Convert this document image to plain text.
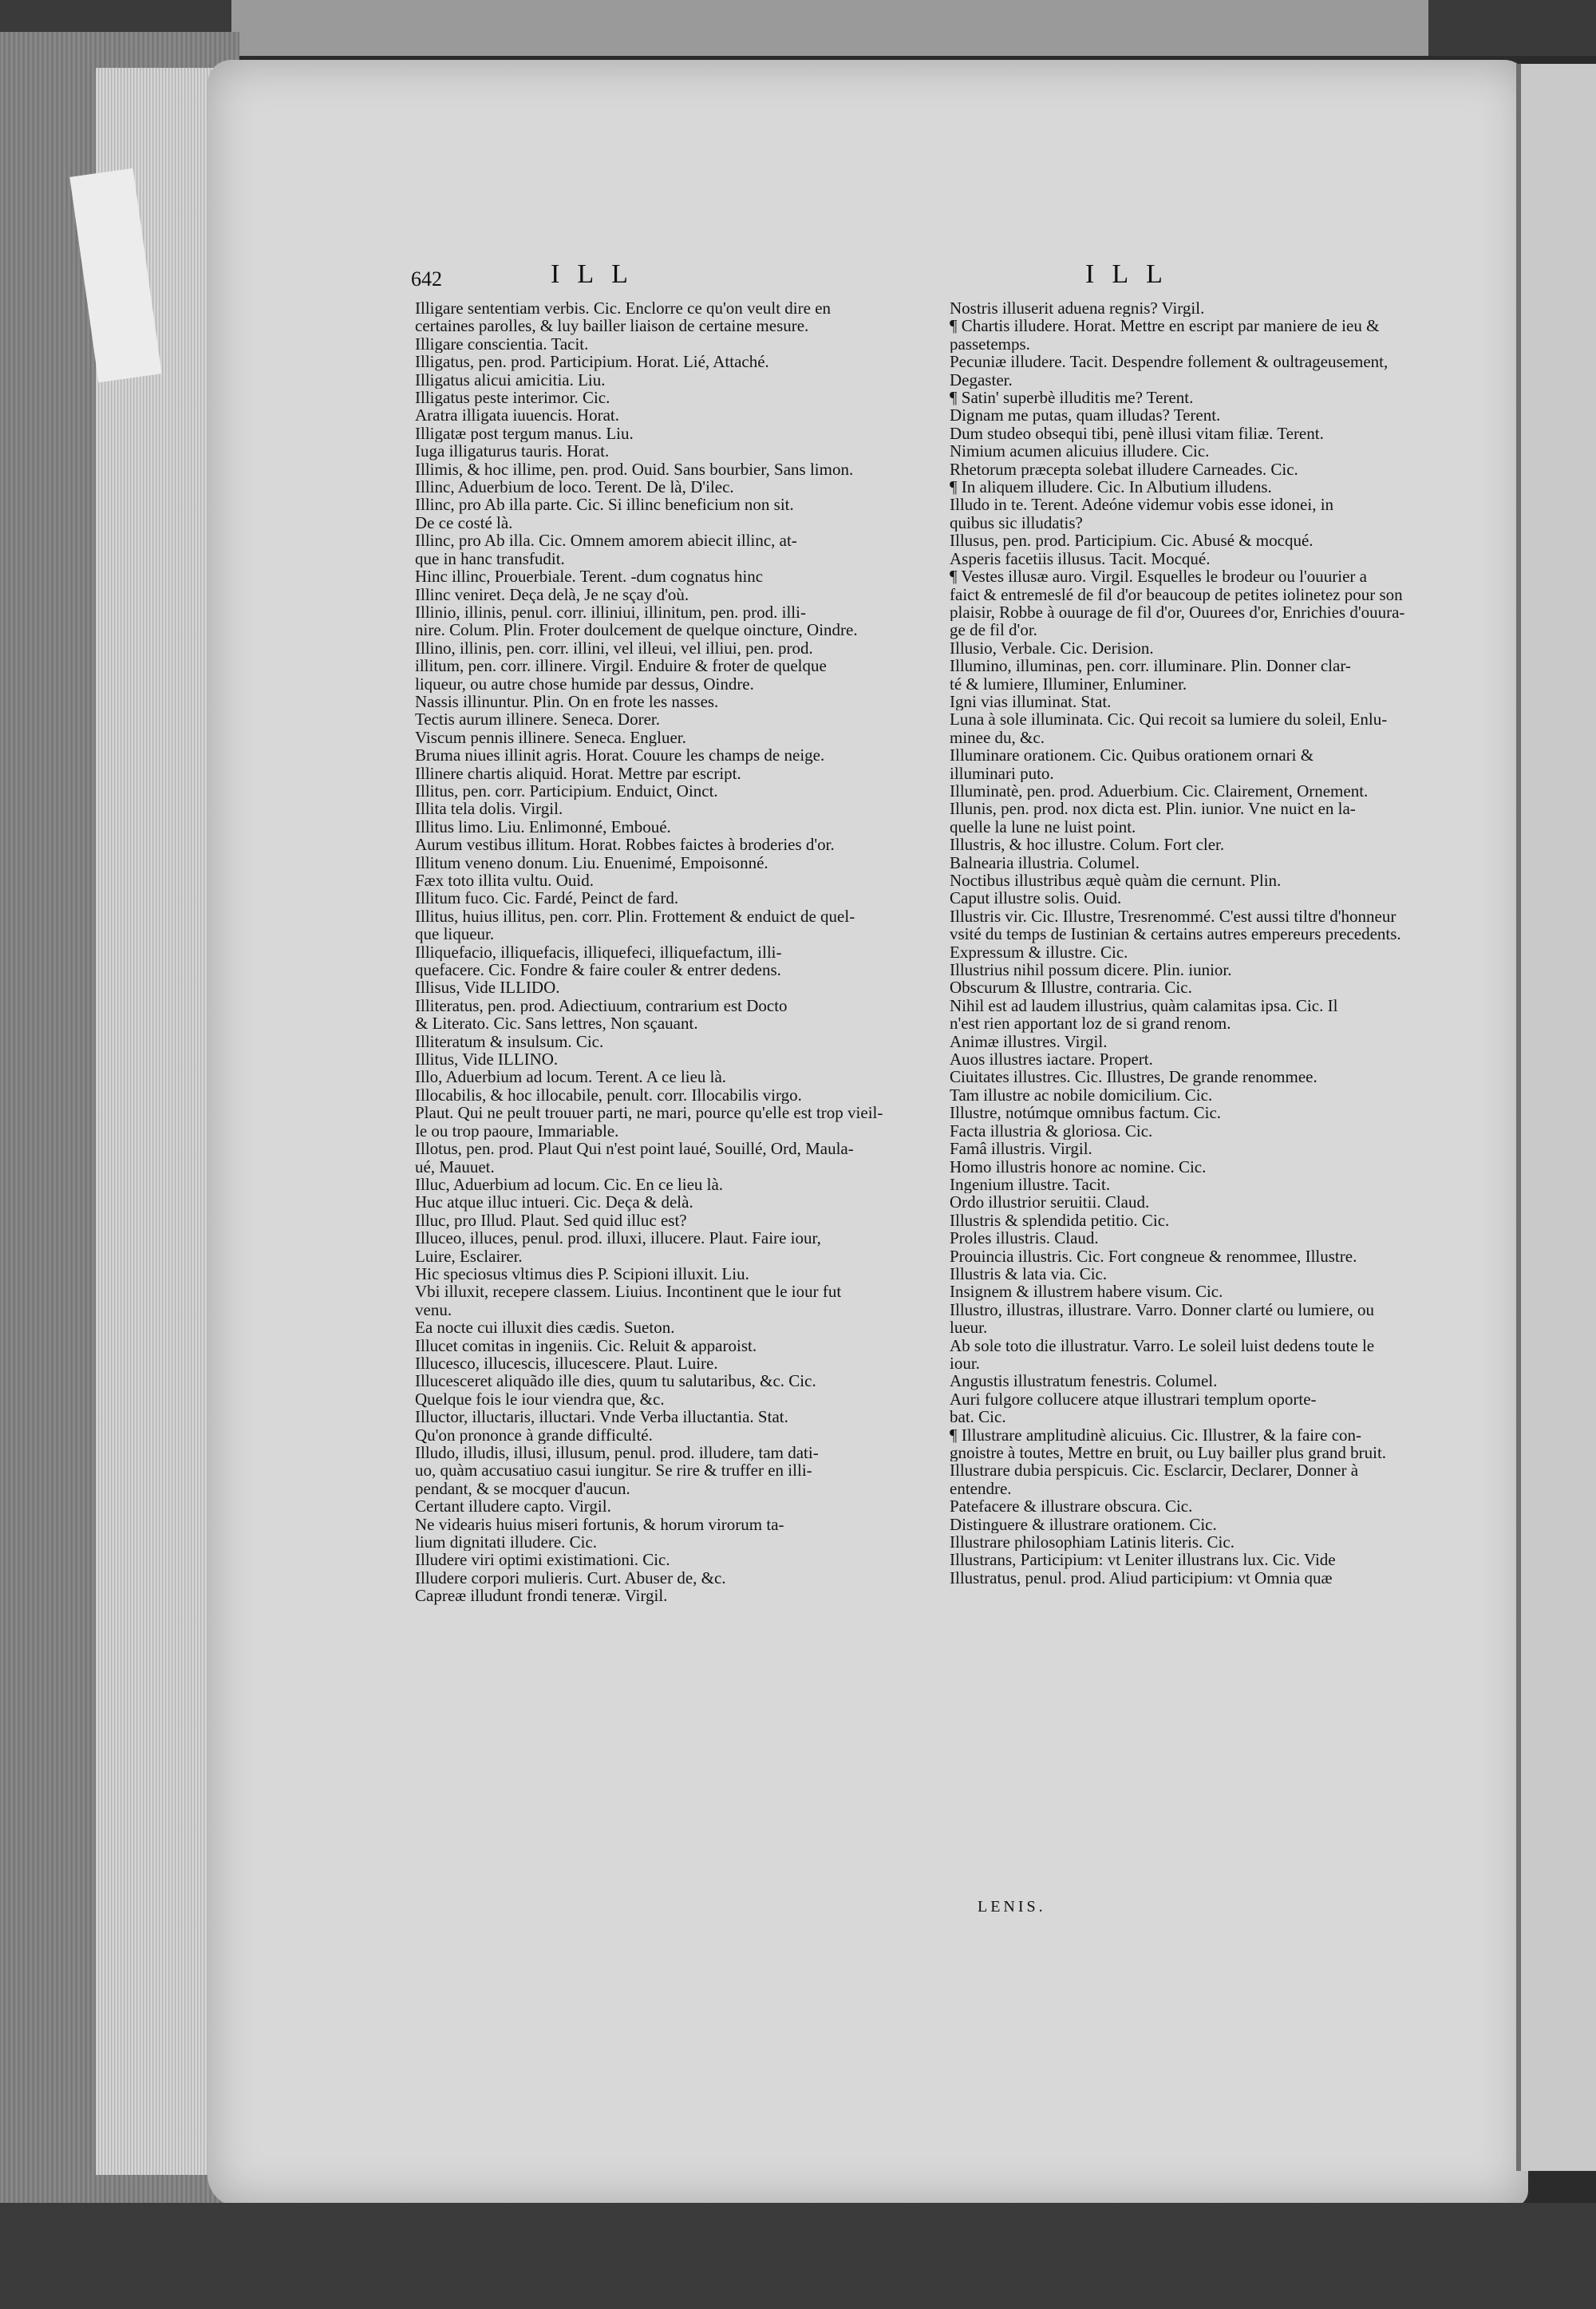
642	ILL	ILL
Illigare sententiam verbis. Cic. Enclorre ce qu'on veult dire en
certaines parolles, & luy bailler liaison de certaine mesure.
Illigare conscientia. Tacit.
Illigatus, pen. prod. Participium. Horat. Lié, Attaché.
Illigatus alicui amicitia. Liu.
Illigatus peste interimor. Cic.
Aratra illigata iuuencis. Horat.
Illigatæ post tergum manus. Liu.
Iuga illigaturus tauris. Horat.
Illimis, & hoc illime, pen. prod. Ouid. Sans bourbier, Sans limon.
Illinc, Aduerbium de loco. Terent. De là, D'ilec.
Illinc, pro Ab illa parte. Cic. Si illinc beneficium non sit.
De ce costé là.
Illinc, pro Ab illa. Cic. Omnem amorem abiecit illinc, at-
que in hanc transfudit.
Hinc illinc, Prouerbiale. Terent. -dum cognatus hinc
Illinc veniret. Deça delà, Je ne sçay d'où.
Illinio, illinis, penul. corr. illiniui, illinitum, pen. prod. illi-
nire. Colum. Plin. Froter doulcement de quelque oincture, Oindre.
Illino, illinis, pen. corr. illini, vel illeui, vel illiui, pen. prod.
illitum, pen. corr. illinere. Virgil. Enduire & froter de quelque
liqueur, ou autre chose humide par dessus, Oindre.
Nassis illinuntur. Plin. On en frote les nasses.
Tectis aurum illinere. Seneca. Dorer.
Viscum pennis illinere. Seneca. Engluer.
Bruma niues illinit agris. Horat. Couure les champs de neige.
Illinere chartis aliquid. Horat. Mettre par escript.
Illitus, pen. corr. Participium. Enduict, Oinct.
Illita tela dolis. Virgil.
Illitus limo. Liu. Enlimonné, Emboué.
Aurum vestibus illitum. Horat. Robbes faictes à broderies d'or.
Illitum veneno donum. Liu. Enuenimé, Empoisonné.
Fæx toto illita vultu. Ouid.
Illitum fuco. Cic. Fardé, Peinct de fard.
Illitus, huius illitus, pen. corr. Plin. Frottement & enduict de quel-
que liqueur.
Illiquefacio, illiquefacis, illiquefeci, illiquefactum, illi-
quefacere. Cic. Fondre & faire couler & entrer dedens.
Illisus, Vide ILLIDO.
Illiteratus, pen. prod. Adiectiuum, contrarium est Docto
& Literato. Cic. Sans lettres, Non sçauant.
Illiteratum & insulsum. Cic.
Illitus, Vide ILLINO.
Illo, Aduerbium ad locum. Terent. A ce lieu là.
Illocabilis, & hoc illocabile, penult. corr. Illocabilis virgo.
Plaut. Qui ne peult trouuer parti, ne mari, pource qu'elle est trop vieil-
le ou trop paoure, Immariable.
Illotus, pen. prod. Plaut Qui n'est point laué, Souillé, Ord, Maula-
ué, Mauuet.
Illuc, Aduerbium ad locum. Cic. En ce lieu là.
Huc atque illuc intueri. Cic. Deça & delà.
Illuc, pro Illud. Plaut. Sed quid illuc est?
Illuceo, illuces, penul. prod. illuxi, illucere. Plaut. Faire iour,
Luire, Esclairer.
Hic speciosus vltimus dies P. Scipioni illuxit. Liu.
Vbi illuxit, recepere classem. Liuius. Incontinent que le iour fut
venu.
Ea nocte cui illuxit dies cædis. Sueton.
Illucet comitas in ingeniis. Cic. Reluit & apparoist.
Illucesco, illucescis, illucescere. Plaut. Luire.
Illucesceret aliquãdo ille dies, quum tu salutaribus, &c. Cic.
Quelque fois le iour viendra que, &c.
Illuctor, illuctaris, illuctari. Vnde Verba illuctantia. Stat.
Qu'on prononce à grande difficulté.
Illudo, illudis, illusi, illusum, penul. prod. illudere, tam dati-
uo, quàm accusatiuo casui iungitur. Se rire & truffer en illi-
pendant, & se mocquer d'aucun.
Certant illudere capto. Virgil.
Ne videaris huius miseri fortunis, & horum virorum ta-
lium dignitati illudere. Cic.
Illudere viri optimi existimationi. Cic.
Illudere corpori mulieris. Curt. Abuser de, &c.
Capreæ illudunt frondi teneræ. Virgil.
Nostris illuserit aduena regnis? Virgil.
¶ Chartis illudere. Horat. Mettre en escript par maniere de ieu &
passetemps.
Pecuniæ illudere. Tacit. Despendre follement & oultrageusement,
Degaster.
¶ Satin' superbè illuditis me? Terent.
Dignam me putas, quam illudas? Terent.
Dum studeo obsequi tibi, penè illusi vitam filiæ. Terent.
Nimium acumen alicuius illudere. Cic.
Rhetorum præcepta solebat illudere Carneades. Cic.
¶ In aliquem illudere. Cic. In Albutium illudens.
Illudo in te. Terent. Adeóne videmur vobis esse idonei, in
quibus sic illudatis?
Illusus, pen. prod. Participium. Cic. Abusé & mocqué.
Asperis facetiis illusus. Tacit. Mocqué.
¶ Vestes illusæ auro. Virgil. Esquelles le brodeur ou l'ouurier a
faict & entremeslé de fil d'or beaucoup de petites iolinetez pour son
plaisir, Robbe à ouurage de fil d'or, Ouurees d'or, Enrichies d'ouura-
ge de fil d'or.
Illusio, Verbale. Cic. Derision.
Illumino, illuminas, pen. corr. illuminare. Plin. Donner clar-
té & lumiere, Illuminer, Enluminer.
Igni vias illuminat. Stat.
Luna à sole illuminata. Cic. Qui recoit sa lumiere du soleil, Enlu-
minee du, &c.
Illuminare orationem. Cic. Quibus orationem ornari &
illuminari puto.
Illuminatè, pen. prod. Aduerbium. Cic. Clairement, Ornement.
Illunis, pen. prod. nox dicta est. Plin. iunior. Vne nuict en la-
quelle la lune ne luist point.
Illustris, & hoc illustre. Colum. Fort cler.
Balnearia illustria. Columel.
Noctibus illustribus æquè quàm die cernunt. Plin.
Caput illustre solis. Ouid.
Illustris vir. Cic. Illustre, Tresrenommé. C'est aussi tiltre d'honneur
vsité du temps de Iustinian & certains autres empereurs precedents.
Expressum & illustre. Cic.
Illustrius nihil possum dicere. Plin. iunior.
Obscurum & Illustre, contraria. Cic.
Nihil est ad laudem illustrius, quàm calamitas ipsa. Cic. Il
n'est rien apportant loz de si grand renom.
Animæ illustres. Virgil.
Auos illustres iactare. Propert.
Ciuitates illustres. Cic. Illustres, De grande renommee.
Tam illustre ac nobile domicilium. Cic.
Illustre, notúmque omnibus factum. Cic.
Facta illustria & gloriosa. Cic.
Famâ illustris. Virgil.
Homo illustris honore ac nomine. Cic.
Ingenium illustre. Tacit.
Ordo illustrior seruitii. Claud.
Illustris & splendida petitio. Cic.
Proles illustris. Claud.
Prouincia illustris. Cic. Fort congneue & renommee, Illustre.
Illustris & lata via. Cic.
Insignem & illustrem habere visum. Cic.
Illustro, illustras, illustrare. Varro. Donner clarté ou lumiere, ou
lueur.
Ab sole toto die illustratur. Varro. Le soleil luist dedens toute le
iour.
Angustis illustratum fenestris. Columel.
Auri fulgore collucere atque illustrari templum oporte-
bat. Cic.
¶ Illustrare amplitudinè alicuius. Cic. Illustrer, & la faire con-
gnoistre à toutes, Mettre en bruit, ou Luy bailler plus grand bruit.
Illustrare dubia perspicuis. Cic. Esclarcir, Declarer, Donner à
entendre.
Patefacere & illustrare obscura. Cic.
Distinguere & illustrare orationem. Cic.
Illustrare philosophiam Latinis literis. Cic.
Illustrans, Participium: vt Leniter illustrans lux. Cic. Vide
Illustratus, penul. prod. Aliud participium: vt Omnia quæ
LENIS.
